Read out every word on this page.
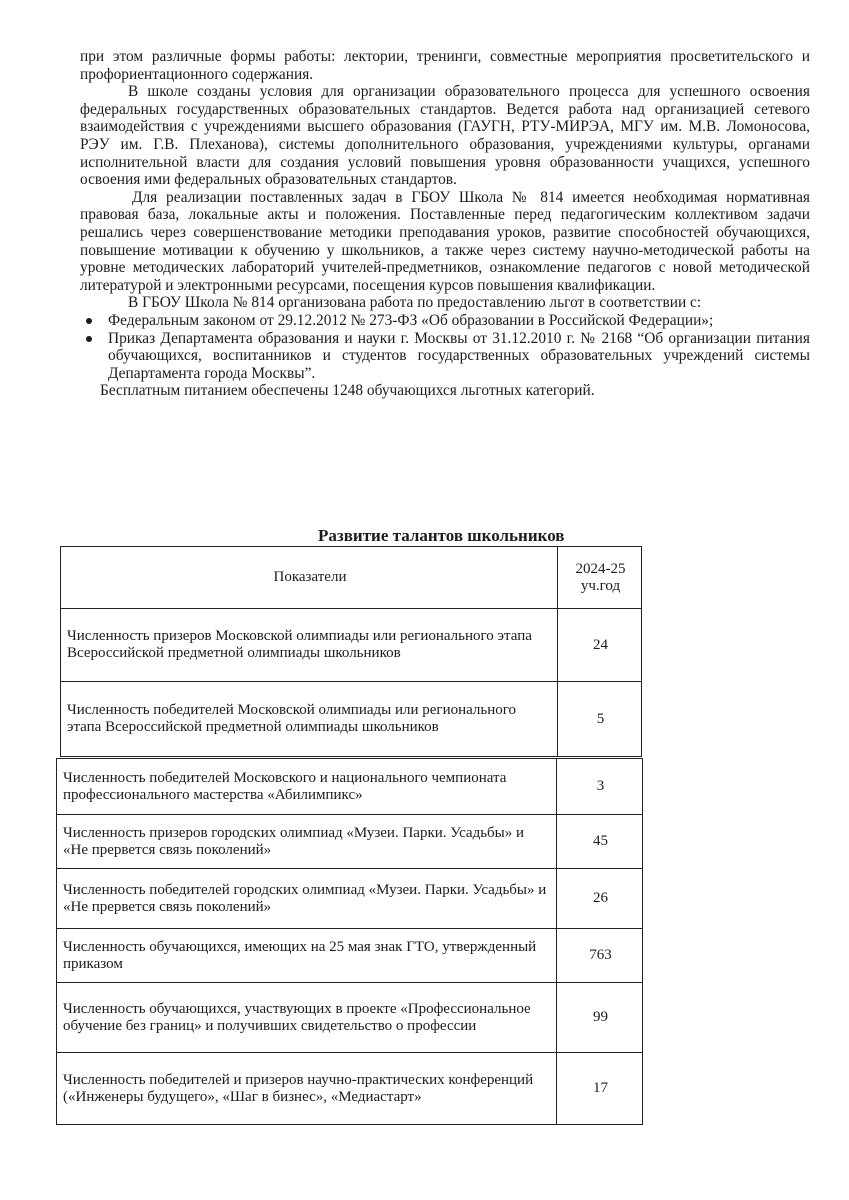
при этом различные формы работы: лектории, тренинги, совместные мероприятия просветительского и профориентационного содержания.

В школе созданы условия для организации образовательного процесса для успешного освоения федеральных государственных образовательных стандартов. Ведется работа над организацией сетевого взаимодействия с учреждениями высшего образования (ГАУГН, РТУ-МИРЭА, МГУ им. М.В. Ломоносова, РЭУ им. Г.В. Плеханова), системы дополнительного образования, учреждениями культуры, органами исполнительной власти для создания условий повышения уровня образованности учащихся, успешного освоения ими федеральных образовательных стандартов.

Для реализации поставленных задач в ГБОУ Школа № 814 имеется необходимая нормативная правовая база, локальные акты и положения. Поставленные перед педагогическим коллективом задачи решались через совершенствование методики преподавания уроков, развитие способностей обучающихся, повышение мотивации к обучению у школьников, а также через систему научно-методической работы на уровне методических лабораторий учителей-предметников, ознакомление педагогов с новой методической литературой и электронными ресурсами, посещения курсов повышения квалификации.

В ГБОУ Школа № 814 организована работа по предоставлению льгот в соответствии с:

Федеральным законом от 29.12.2012 № 273-ФЗ «Об образовании в Российской Федерации»;
Приказ Департамента образования и науки г. Москвы от 31.12.2010 г. № 2168 “Об организации питания обучающихся, воспитанников и студентов государственных образовательных учреждений системы Департамента города Москвы”.

Бесплатным питанием обеспечены 1248 обучающихся льготных категорий.

Развитие талантов школьников
Показатели	2024-25 уч.год
Численность призеров Московской олимпиады или регионального этапа Всероссийской предметной олимпиады школьников	24
Численность победителей Московской олимпиады или регионального этапа Всероссийской предметной олимпиады школьников	5
Численность победителей Московского и национального чемпионата профессионального мастерства «Абилимпикс»	3
Численность призеров городских олимпиад «Музеи. Парки. Усадьбы» и «Не прервется связь поколений»	45
Численность победителей городских олимпиад «Музеи. Парки. Усадьбы» и «Не прервется связь поколений»	26
Численность обучающихся, имеющих на 25 мая знак ГТО, утвержденный приказом	763
Численность обучающихся, участвующих в проекте «Профессиональное обучение без границ» и получивших свидетельство о профессии	99
Численность победителей и призеров научно-практических конференций («Инженеры будущего», «Шаг в бизнес», «Медиастарт»	17
